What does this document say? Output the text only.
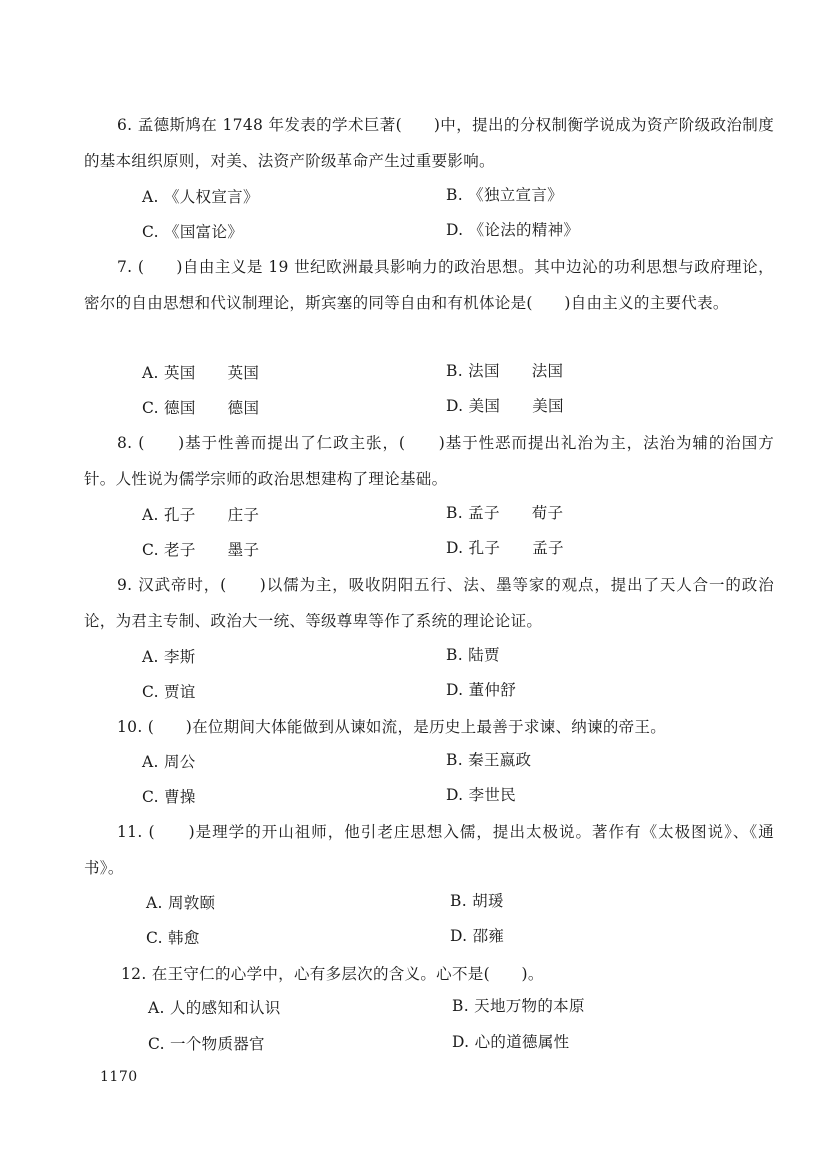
6. 孟德斯鸠在 1748 年发表的学术巨著(　　)中，提出的分权制衡学说成为资产阶级政治制度的基本组织原则，对美、法资产阶级革命产生过重要影响。
A. 《人权宣言》	B. 《独立宣言》
C. 《国富论》	D. 《论法的精神》
7. (　　)自由主义是 19 世纪欧洲最具影响力的政治思想。其中边沁的功利思想与政府理论，密尔的自由思想和代议制理论，斯宾塞的同等自由和有机体论是(　　)自由主义的主要代表。
A. 英国 英国	B. 法国 法国
C. 德国 德国	D. 美国 美国
8. (　　)基于性善而提出了仁政主张，(　　)基于性恶而提出礼治为主，法治为辅的治国方针。人性说为儒学宗师的政治思想建构了理论基础。
A. 孔子 庄子	B. 孟子 荀子
C. 老子 墨子	D. 孔子 孟子
9. 汉武帝时，(　　)以儒为主，吸收阴阳五行、法、墨等家的观点，提出了天人合一的政治论，为君主专制、政治大一统、等级尊卑等作了系统的理论论证。
A. 李斯	B. 陆贾
C. 贾谊	D. 董仲舒
10. (　　)在位期间大体能做到从谏如流，是历史上最善于求谏、纳谏的帝王。
A. 周公	B. 秦王嬴政
C. 曹操	D. 李世民
11. (　　)是理学的开山祖师，他引老庄思想入儒，提出太极说。著作有《太极图说》、《通书》。
A. 周敦颐	B. 胡瑗
C. 韩愈	D. 邵雍
12. 在王守仁的心学中，心有多层次的含义。心不是(　　)。
A. 人的感知和认识	B. 天地万物的本原
C. 一个物质器官	D. 心的道德属性
1170
